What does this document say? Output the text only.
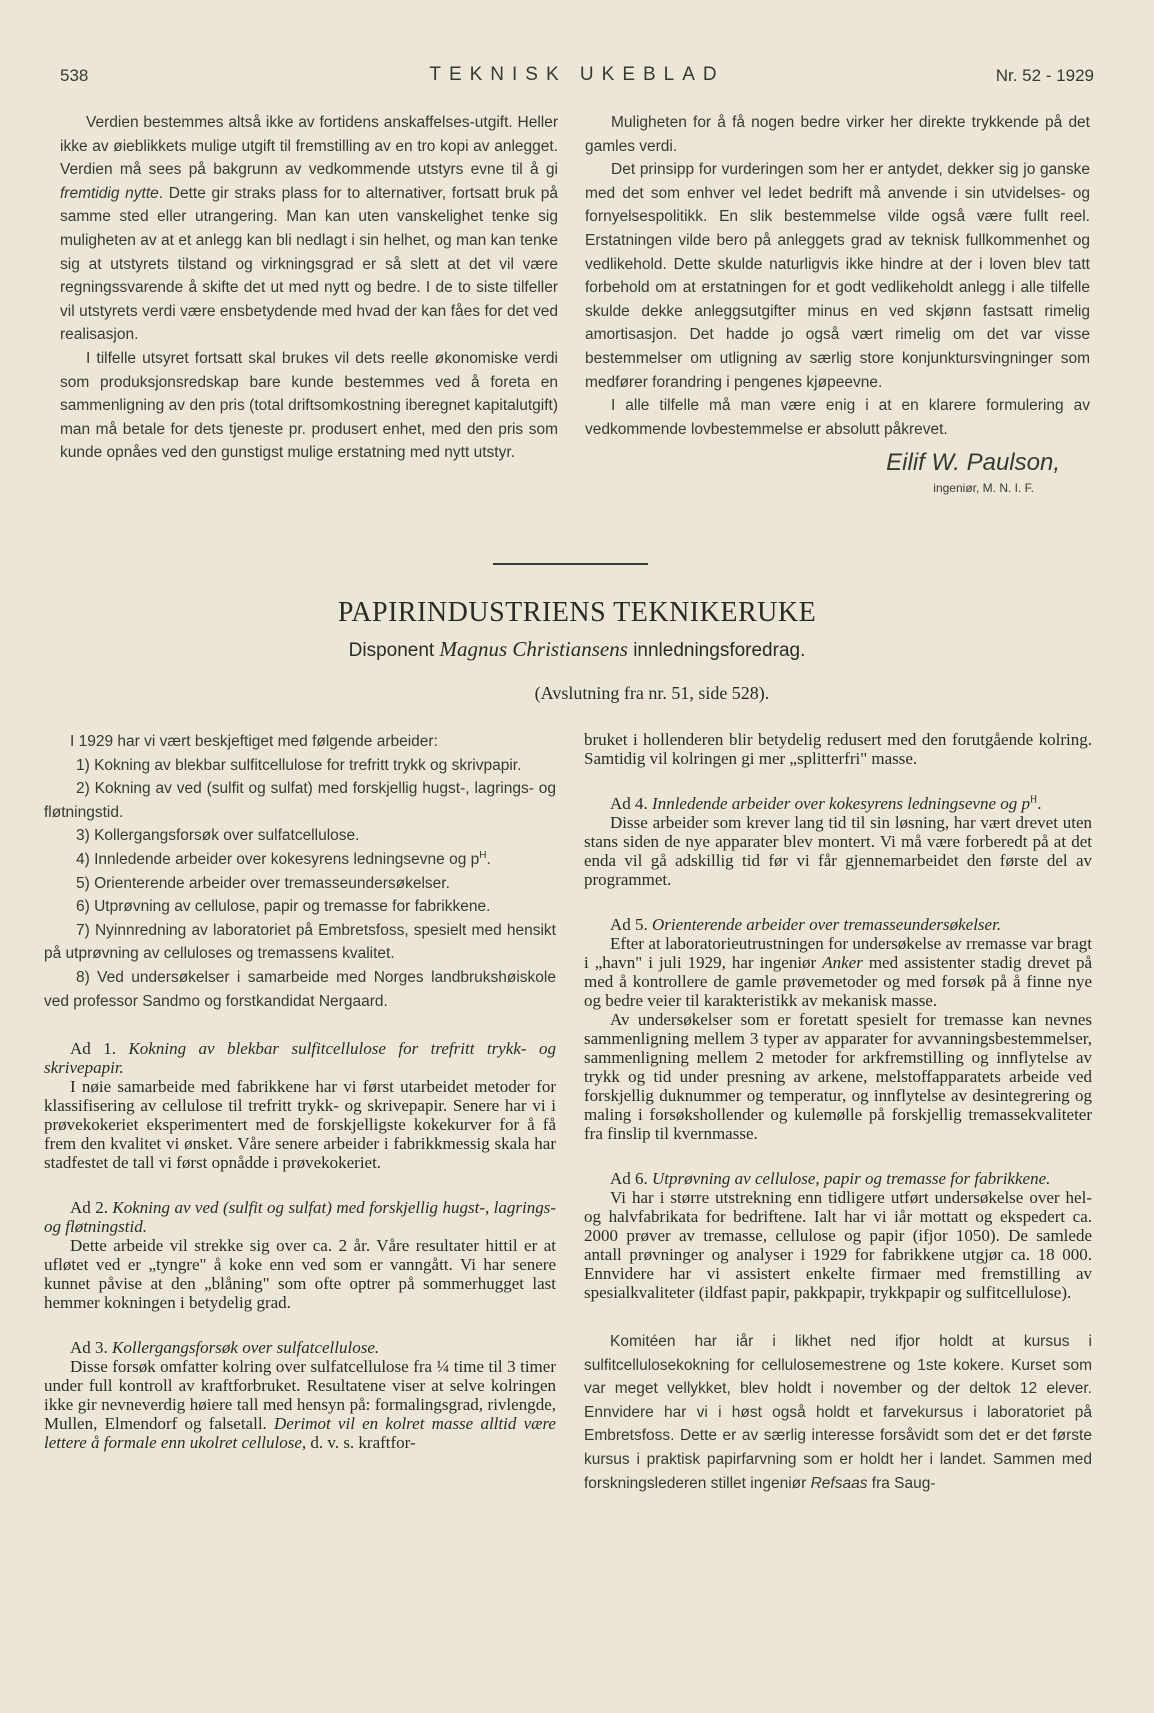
538	TEKNISK UKEBLAD	Nr. 52 - 1929

Verdien bestemmes altså ikke av fortidens anskaffelses-utgift. Heller ikke av øieblikkets mulige utgift til fremstilling av en tro kopi av anlegget. Verdien må sees på bakgrunn av vedkommende utstyrs evne til å gi fremtidig nytte. Dette gir straks plass for to alternativer, fortsatt bruk på samme sted eller utrangering. Man kan uten vanskelighet tenke sig muligheten av at et anlegg kan bli nedlagt i sin helhet, og man kan tenke sig at utstyrets tilstand og virkningsgrad er så slett at det vil være regningssvarende å skifte det ut med nytt og bedre. I de to siste tilfeller vil utstyrets verdi være ensbetydende med hvad der kan fåes for det ved realisasjon.

I tilfelle utsyret fortsatt skal brukes vil dets reelle økonomiske verdi som produksjonsredskap bare kunde bestemmes ved å foreta en sammenligning av den pris (total driftsomkostning iberegnet kapitalutgift) man må betale for dets tjeneste pr. produsert enhet, med den pris som kunde opnåes ved den gunstigst mulige erstatning med nytt utstyr.

Muligheten for å få nogen bedre virker her direkte trykkende på det gamles verdi.

Det prinsipp for vurderingen som her er antydet, dekker sig jo ganske med det som enhver vel ledet bedrift må anvende i sin utvidelses- og fornyelsespolitikk. En slik bestemmelse vilde også være fullt reel. Erstatningen vilde bero på anleggets grad av teknisk fullkommenhet og vedlikehold. Dette skulde naturligvis ikke hindre at der i loven blev tatt forbehold om at erstatningen for et godt vedlikeholdt anlegg i alle tilfelle skulde dekke anleggsutgifter minus en ved skjønn fastsatt rimelig amortisasjon. Det hadde jo også vært rimelig om det var visse bestemmelser om utligning av særlig store konjunktursvingninger som medfører forandring i pengenes kjøpeevne.

I alle tilfelle må man være enig i at en klarere formulering av vedkommende lovbestemmelse er absolutt påkrevet.

Eilif W. Paulson,
ingeniør, M. N. I. F.
PAPIRINDUSTRIENS TEKNIKERUKE
Disponent Magnus Christiansens innledningsforedrag.
(Avslutning fra nr. 51, side 528).

I 1929 har vi vært beskjeftiget med følgende arbeider:

1) Kokning av blekbar sulfitcellulose for trefritt trykk og skrivpapir.

2) Kokning av ved (sulfit og sulfat) med forskjellig hugst-, lagrings- og fløtningstid.

3) Kollergangsforsøk over sulfatcellulose.

4) Innledende arbeider over kokesyrens ledningsevne og $p^H$.

5) Orienterende arbeider over tremasseundersøkelser.

6) Utprøvning av cellulose, papir og tremasse for fabrikkene.

7) Nyinnredning av laboratoriet på Embretsfoss, spesielt med hensikt på utprøvning av celluloses og tremassens kvalitet.

8) Ved undersøkelser i samarbeide med Norges landbrukshøiskole ved professor Sandmo og forstkandidat Nergaard.

Ad 1. Kokning av blekbar sulfitcellulose for trefritt trykk- og skrivepapir.

I nøie samarbeide med fabrikkene har vi først utarbeidet metoder for klassifisering av cellulose til trefritt trykk- og skrivepapir. Senere har vi i prøvekokeriet eksperimentert med de forskjelligste kokekurver for å få frem den kvalitet vi ønsket. Våre senere arbeider i fabrikkmessig skala har stadfestet de tall vi først opnådde i prøvekokeriet.

Ad 2. Kokning av ved (sulfit og sulfat) med forskjellig hugst-, lagrings- og fløtningstid.

Dette arbeide vil strekke sig over ca. 2 år. Våre resultater hittil er at ufløtet ved er „tyngre" å koke enn ved som er vanngått. Vi har senere kunnet påvise at den „blåning" som ofte optrer på sommerhugget last hemmer kokningen i betydelig grad.

Ad 3. Kollergangsforsøk over sulfatcellulose.

Disse forsøk omfatter kolring over sulfatcellulose fra ¼ time til 3 timer under full kontroll av kraftforbruket. Resultatene viser at selve kolringen ikke gir nevneverdig høiere tall med hensyn på: formalingsgrad, rivlengde, Mullen, Elmendorf og falsetall. Derimot vil en kolret masse alltid være lettere å formale enn ukolret cellulose, d. v. s. kraftfor-

bruket i hollenderen blir betydelig redusert med den forutgående kolring. Samtidig vil kolringen gi mer „splitterfri" masse.

Ad 4. Innledende arbeider over kokesyrens ledningsevne og $p^H$.

Disse arbeider som krever lang tid til sin løsning, har vært drevet uten stans siden de nye apparater blev montert. Vi må være forberedt på at det enda vil gå adskillig tid før vi får gjennemarbeidet den første del av programmet.

Ad 5. Orienterende arbeider over tremasseundersøkelser.

Efter at laboratorieutrustningen for undersøkelse av rremasse var bragt i „havn" i juli 1929, har ingeniør Anker med assistenter stadig drevet på med å kontrollere de gamle prøvemetoder og med forsøk på å finne nye og bedre veier til karakteristikk av mekanisk masse.

Av undersøkelser som er foretatt spesielt for tremasse kan nevnes sammenligning mellem 3 typer av apparater for avvanningsbestemmelser, sammenligning mellem 2 metoder for arkfremstilling og innflytelse av trykk og tid under presning av arkene, melstoffapparatets arbeide ved forskjellig duknummer og temperatur, og innflytelse av desintegrering og maling i forsøkshollender og kulemølle på forskjellig tremassekvaliteter fra finslip til kvernmasse.

Ad 6. Utprøvning av cellulose, papir og tremasse for fabrikkene.

Vi har i større utstrekning enn tidligere utført undersøkelse over hel- og halvfabrikata for bedriftene. Ialt har vi iår mottatt og ekspedert ca. 2000 prøver av tremasse, cellulose og papir (ifjor 1050). De samlede antall prøvninger og analyser i 1929 for fabrikkene utgjør ca. 18 000. Ennvidere har vi assistert enkelte firmaer med fremstilling av spesialkvaliteter (ildfast papir, pakkpapir, trykkpapir og sulfitcellulose).

Komitéen har iår i likhet ned ifjor holdt at kursus i sulfitcellulosekokning for cellulosemestrene og 1ste kokere. Kurset som var meget vellykket, blev holdt i november og der deltok 12 elever. Ennvidere har vi i høst også holdt et farvekursus i laboratoriet på Embretsfoss. Dette er av særlig interesse forsåvidt som det er det første kursus i praktisk papirfarvning som er holdt her i landet. Sammen med forskningslederen stillet ingeniør Refsaas fra Saug-
